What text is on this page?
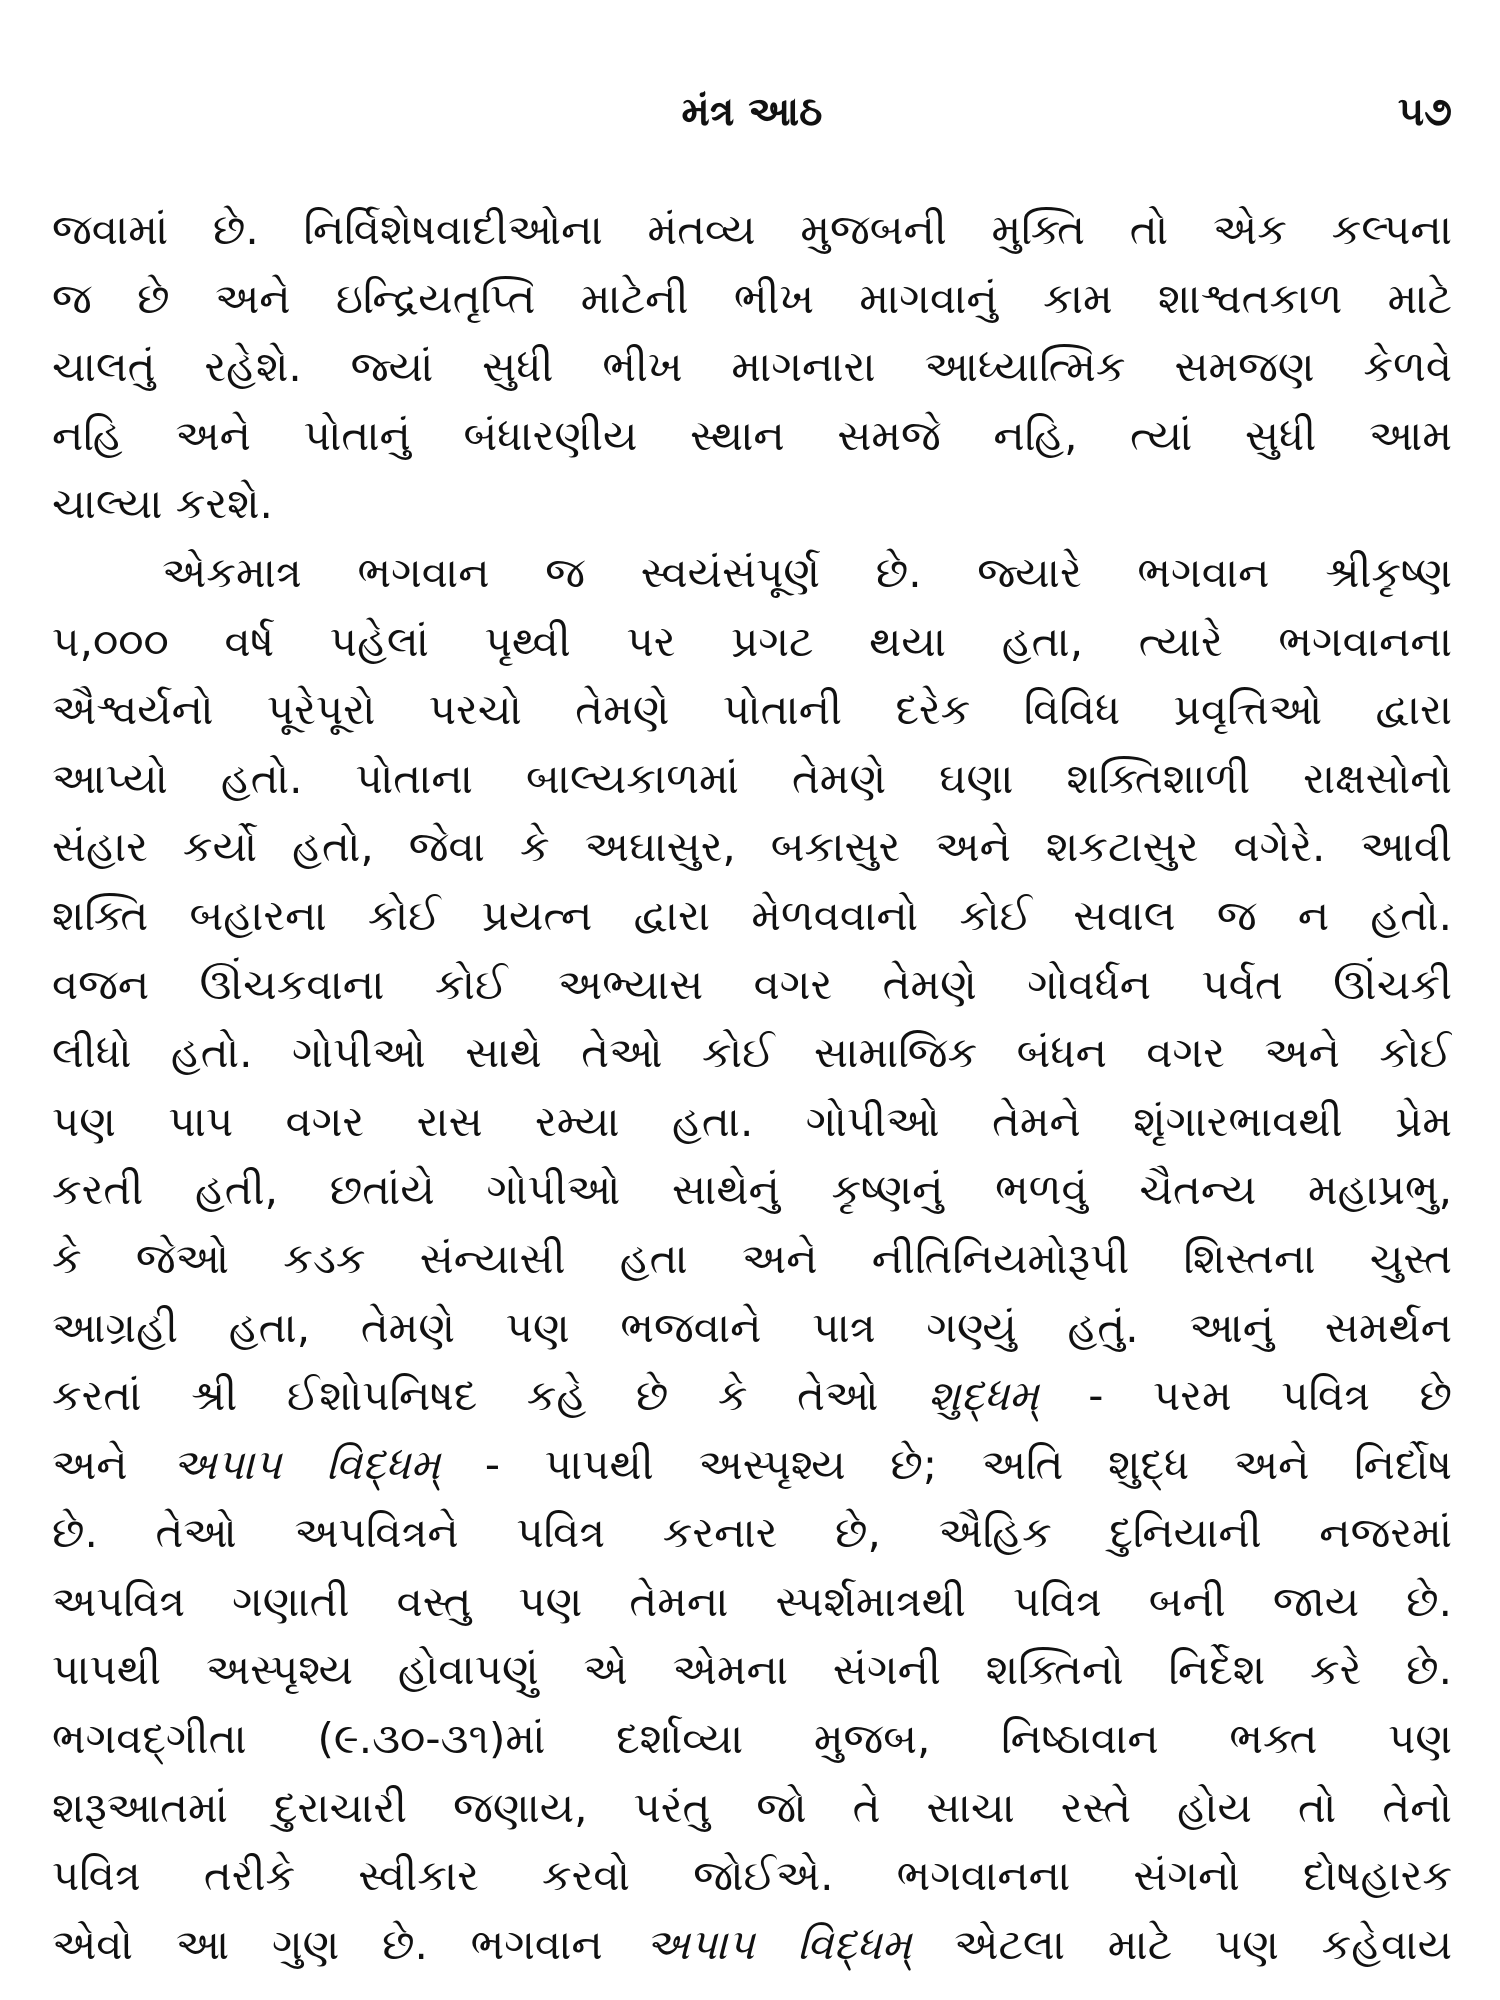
મંત્ર આઠ	૫૭
જવામાં છે. નિર્વિશેષવાદીઓના મંતવ્ય મુજબની મુક્તિ તો એક કલ્પના
જ છે અને ઇન્દ્રિયતૃપ્તિ માટેની ભીખ માગવાનું કામ શાશ્વતકાળ માટે
ચાલતું રહેશે. જ્યાં સુધી ભીખ માગનારા આધ્યાત્મિક સમજણ કેળવે
નહિ અને પોતાનું બંધારણીય સ્થાન સમજે નહિ, ત્યાં સુધી આમ
ચાલ્યા કરશે.
એકમાત્ર ભગવાન જ સ્વયંસંપૂર્ણ છે. જ્યારે ભગવાન શ્રીકૃષ્ણ
૫,૦૦૦ વર્ષ પહેલાં પૃથ્વી પર પ્રગટ થયા હતા, ત્યારે ભગવાનના
ઐશ્વર્યનો પૂરેપૂરો પરચો તેમણે પોતાની દરેક વિવિધ પ્રવૃત્તિઓ દ્વારા
આપ્યો હતો. પોતાના બાલ્યકાળમાં તેમણે ઘણા શક્તિશાળી રાક્ષસોનો
સંહાર કર્યો હતો, જેવા કે અઘાસુર, બકાસુર અને શકટાસુર વગેરે. આવી
શક્તિ બહારના કોઈ પ્રયત્ન દ્વારા મેળવવાનો કોઈ સવાલ જ ન હતો.
વજન ઊંચકવાના કોઈ અભ્યાસ વગર તેમણે ગોવર્ધન પર્વત ઊંચકી
લીધો હતો. ગોપીઓ સાથે તેઓ કોઈ સામાજિક બંધન વગર અને કોઈ
પણ પાપ વગર રાસ રમ્યા હતા. ગોપીઓ તેમને શૃંગારભાવથી પ્રેમ
કરતી હતી, છતાંયે ગોપીઓ સાથેનું કૃષ્ણનું ભળવું ચૈતન્ય મહાપ્રભુ,
કે જેઓ કડક સંન્યાસી હતા અને નીતિનિયમોરૂપી શિસ્તના ચુસ્ત
આગ્રહી હતા, તેમણે પણ ભજવાને પાત્ર ગણ્યું હતું. આનું સમર્થન
કરતાં શ્રી ઈશોપનિષદ કહે છે કે તેઓ શુદ્ધમ્ - પરમ પવિત્ર છે
અને અપાપ વિદ્ધમ્ - પાપથી અસ્પૃશ્ય છે; અતિ શુદ્ધ અને નિર્દોષ
છે. તેઓ અપવિત્રને પવિત્ર કરનાર છે, ઐહિક દુનિયાની નજરમાં
અપવિત્ર ગણાતી વસ્તુ પણ તેમના સ્પર્શમાત્રથી પવિત્ર બની જાય છે.
પાપથી અસ્પૃશ્ય હોવાપણું એ એમના સંગની શક્તિનો નિર્દેશ કરે છે.
ભગવદ્ગીતા (૯.૩૦-૩૧)માં દર્શાવ્યા મુજબ, નિષ્ઠાવાન ભક્ત પણ
શરૂઆતમાં દુરાચારી જણાય, પરંતુ જો તે સાચા રસ્તે હોય તો તેનો
પવિત્ર તરીકે સ્વીકાર કરવો જોઈએ. ભગવાનના સંગનો દોષહારક
એવો આ ગુણ છે. ભગવાન અપાપ વિદ્ધમ્ એટલા માટે પણ કહેવાય
